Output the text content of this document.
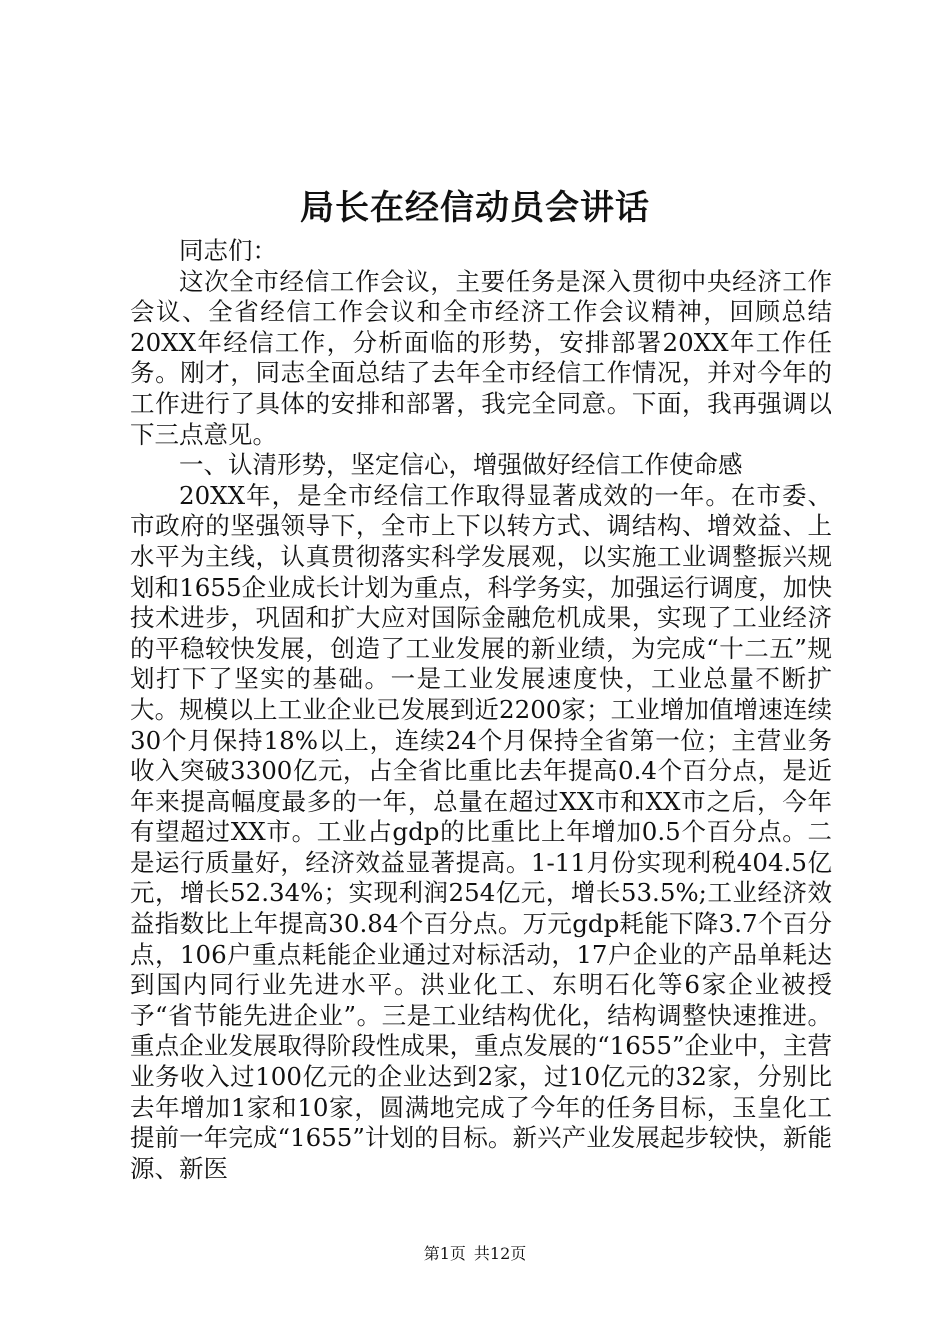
局长在经信动员会讲话

同志们：

这次全市经信工作会议，主要任务是深入贯彻中央经济工作会议、全省经信工作会议和全市经济工作会议精神，回顾总结20XX年经信工作，分析面临的形势，安排部署20XX年工作任务。刚才，同志全面总结了去年全市经信工作情况，并对今年的工作进行了具体的安排和部署，我完全同意。下面，我再强调以下三点意见。

一、认清形势，坚定信心，增强做好经信工作使命感

20XX年，是全市经信工作取得显著成效的一年。在市委、市政府的坚强领导下，全市上下以转方式、调结构、增效益、上水平为主线，认真贯彻落实科学发展观，以实施工业调整振兴规划和1655企业成长计划为重点，科学务实，加强运行调度，加快技术进步，巩固和扩大应对国际金融危机成果，实现了工业经济的平稳较快发展，创造了工业发展的新业绩，为完成“十二五”规划打下了坚实的基础。一是工业发展速度快，工业总量不断扩大。规模以上工业企业已发展到近2200家；工业增加值增速连续30个月保持18%以上，连续24个月保持全省第一位；主营业务收入突破3300亿元，占全省比重比去年提高0.4个百分点，是近年来提高幅度最多的一年，总量在超过XX市和XX市之后，今年有望超过XX市。工业占gdp的比重比上年增加0.5个百分点。二是运行质量好，经济效益显著提高。1-11月份实现利税404.5亿元，增长52.34%；实现利润254亿元，增长53.5%;工业经济效益指数比上年提高30.84个百分点。万元gdp耗能下降3.7个百分点，106户重点耗能企业通过对标活动，17户企业的产品单耗达到国内同行业先进水平。洪业化工、东明石化等6家企业被授予“省节能先进企业”。三是工业结构优化，结构调整快速推进。重点企业发展取得阶段性成果，重点发展的“1655”企业中，主营业务收入过100亿元的企业达到2家，过10亿元的32家，分别比去年增加1家和10家，圆满地完成了今年的任务目标，玉皇化工提前一年完成“1655”计划的目标。新兴产业发展起步较快，新能源、新医

第1页 共12页
